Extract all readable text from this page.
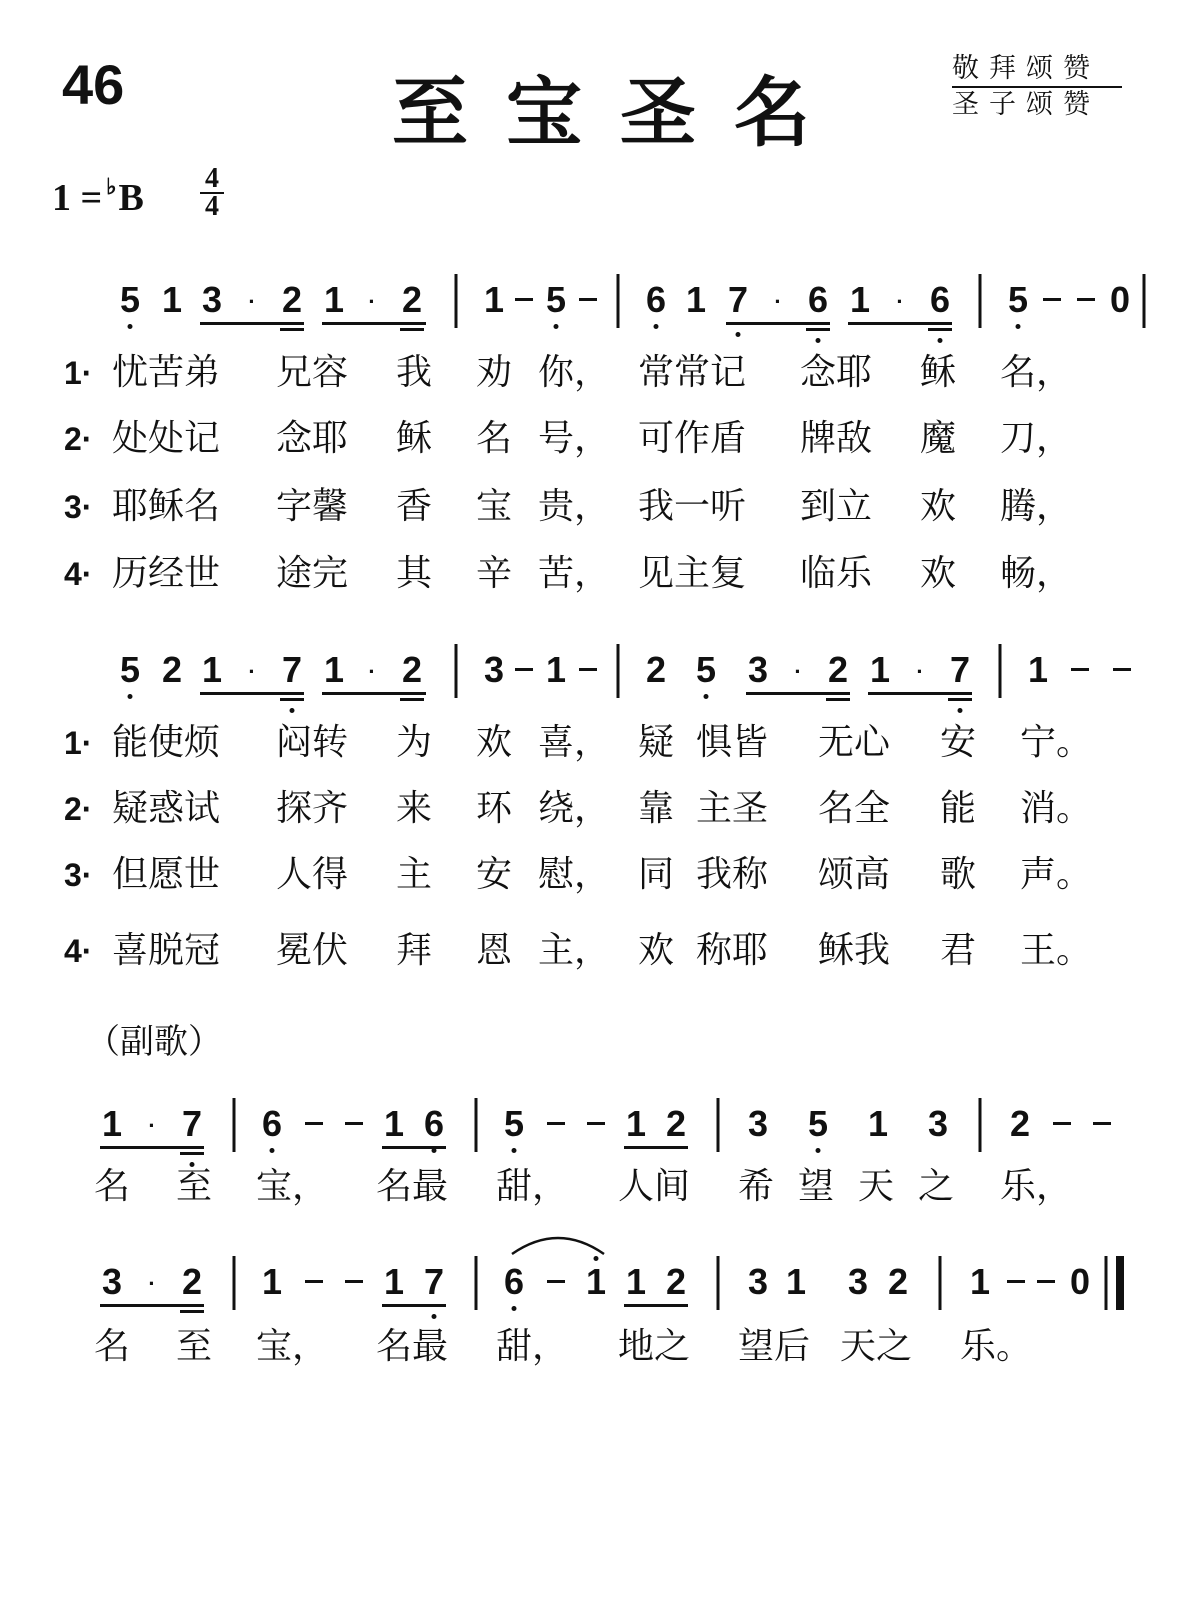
46	至宝圣名	敬拜颂赞
圣子颂赞
1 = ♭B 4
4
5 1 3 · 2 1 · 2 1 5 6 1 7 · 6 1 · 6 5 0
1· 忧苦弟 兄容 我 劝 你， 常常记 念耶 稣 名，
2· 处处记 念耶 稣 名 号， 可作盾 牌敌 魔 刀，
3· 耶稣名 字馨 香 宝 贵， 我一听 到立 欢 腾，
4· 历经世 途完 其 辛 苦， 见主复 临乐 欢 畅，
5 2 1 · 7 1 · 2 3 1 2 5 3 · 2 1 · 7 1
1· 能使烦 闷转 为 欢 喜， 疑 惧皆 无心 安 宁。
2· 疑惑试 探齐 来 环 绕， 靠 主圣 名全 能 消。
3· 但愿世 人得 主 安 慰， 同 我称 颂高 歌 声。
4· 喜脱冠 冕伏 拜 恩 主， 欢 称耶 稣我 君 王。
（副歌）
1 · 7 6	1 6 5	1 2 3 5 1 3 2
名 至 宝， 名最 甜， 人间 希 望 天 之 乐，
3 · 2 1	1 7 6 1 1 2 3 1 3 2 1 0
名 至 宝， 名最 甜， 地之 望后 天之 乐。
